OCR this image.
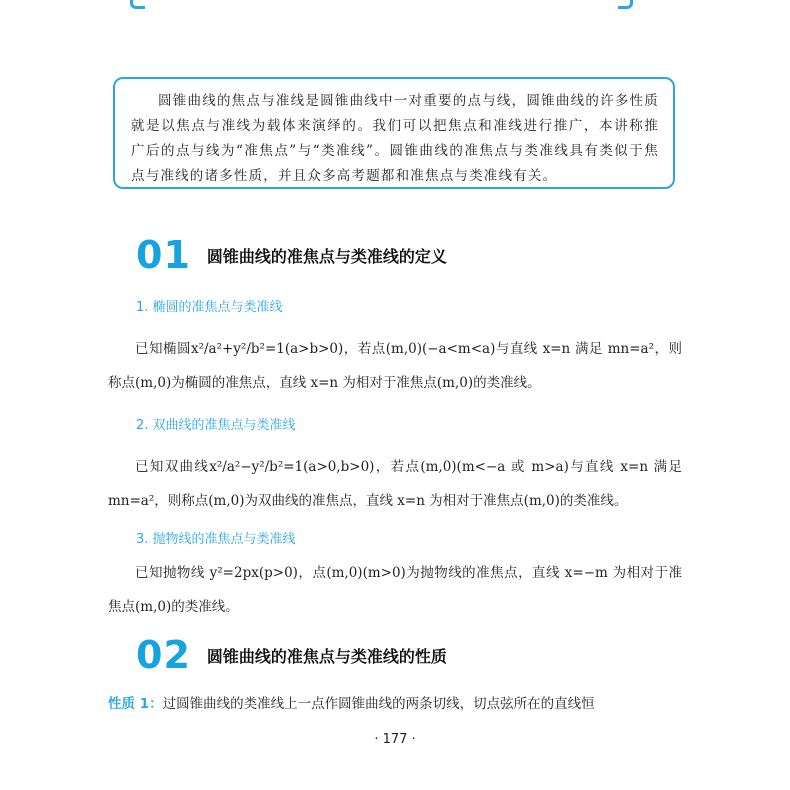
圆锥曲线的焦点与准线是圆锥曲线中一对重要的点与线，圆锥曲线的许多性质就是以焦点与准线为载体来演绎的。我们可以把焦点和准线进行推广，本讲称推广后的点与线为“准焦点”与“类准线”。圆锥曲线的准焦点与类准线具有类似于焦点与准线的诸多性质，并且众多高考题都和准焦点与类准线有关。

01 圆锥曲线的准焦点与类准线的定义
1. 椭圆的准焦点与类准线
已知椭圆x²/a²+y²/b²=1(a>b>0)，若点(m,0)(−a<m<a)与直线 x=n 满足 mn=a²，则称点(m,0)为椭圆的准焦点，直线 x=n 为相对于准焦点(m,0)的类准线。
2. 双曲线的准焦点与类准线
已知双曲线x²/a²−y²/b²=1(a>0,b>0)，若点(m,0)(m<−a 或 m>a)与直线 x=n 满足 mn=a²，则称点(m,0)为双曲线的准焦点，直线 x=n 为相对于准焦点(m,0)的类准线。
3. 抛物线的准焦点与类准线
已知抛物线 y²=2px(p>0)，点(m,0)(m>0)为抛物线的准焦点，直线 x=−m 为相对于准焦点(m,0)的类准线。
02 圆锥曲线的准焦点与类准线的性质
性质 1：过圆锥曲线的类准线上一点作圆锥曲线的两条切线，切点弦所在的直线恒
· 177 ·
